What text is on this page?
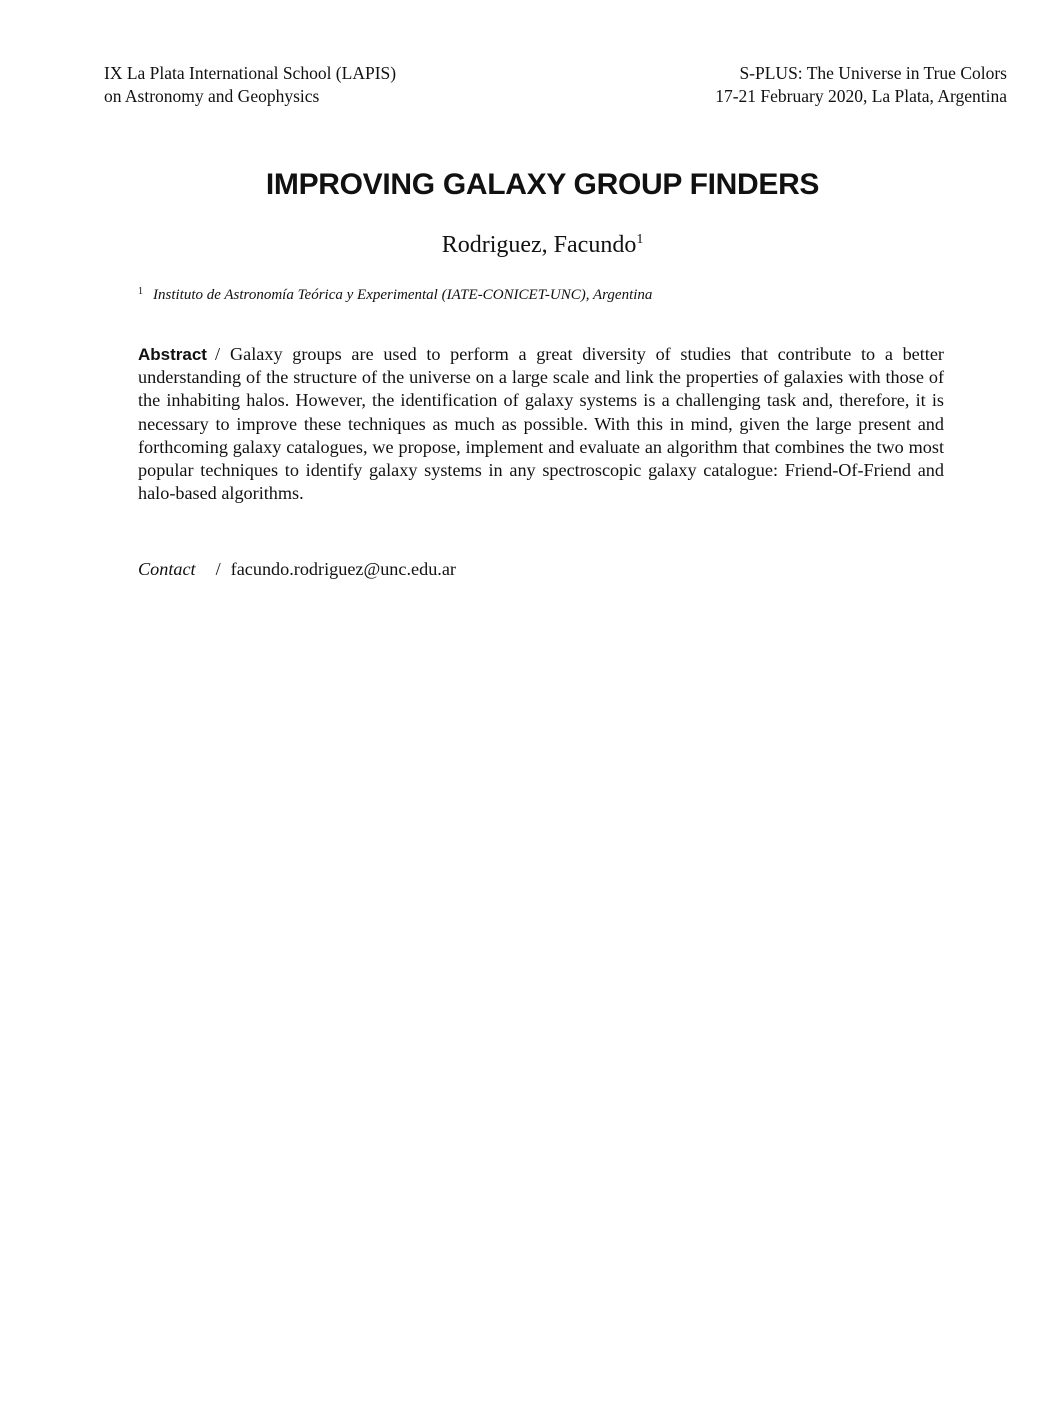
IX La Plata International School (LAPIS)
on Astronomy and Geophysics
S-PLUS: The Universe in True Colors
17-21 February 2020, La Plata, Argentina
IMPROVING GALAXY GROUP FINDERS
Rodriguez, Facundo$^1$
$^1$ Instituto de Astronomía Teórica y Experimental (IATE-CONICET-UNC), Argentina

Abstract / Galaxy groups are used to perform a great diversity of studies that contribute to a better understanding of the structure of the universe on a large scale and link the properties of galaxies with those of the inhabiting halos. However, the identification of galaxy systems is a challenging task and, therefore, it is necessary to improve these techniques as much as possible. With this in mind, given the large present and forthcoming galaxy catalogues, we propose, implement and evaluate an algorithm that combines the two most popular techniques to identify galaxy systems in any spectroscopic galaxy catalogue: Friend-Of-Friend and halo-based algorithms.

Contact / facundo.rodriguez@unc.edu.ar
